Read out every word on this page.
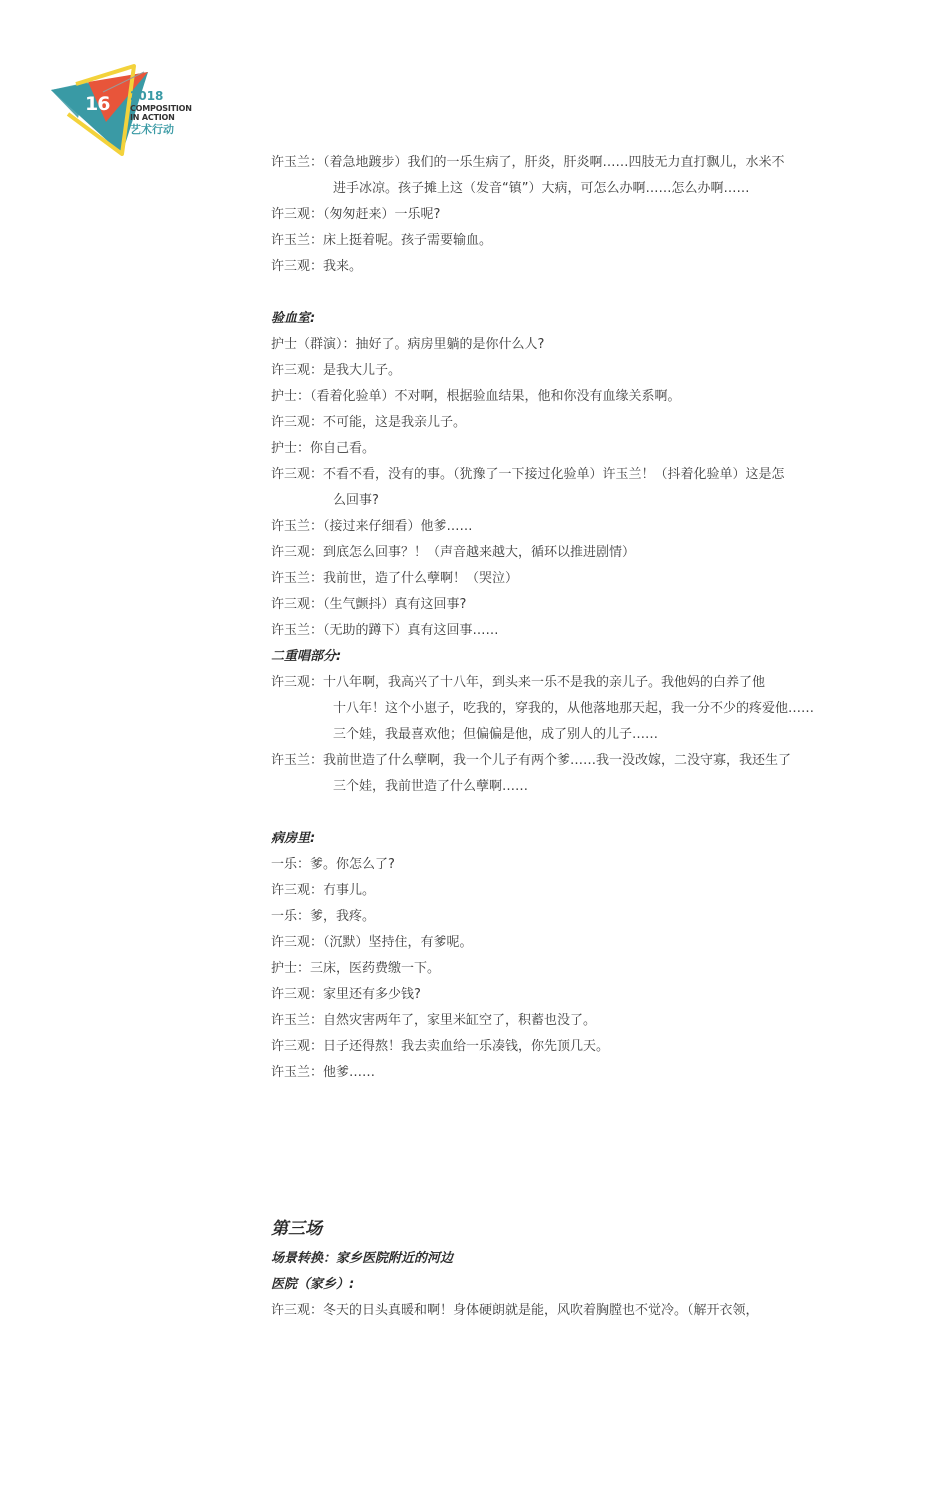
16 2018
COMPOSITION
IN ACTION
艺术行动
许玉兰：（着急地踱步）我们的一乐生病了，肝炎，肝炎啊……四肢无力直打飘儿，水米不
进手冰凉。孩子摊上这（发音“镇”）大病，可怎么办啊……怎么办啊……
许三观：（匆匆赶来）一乐呢?
许玉兰：床上挺着呢。孩子需要输血。
许三观：我来。
验血室:
护士（群演）：抽好了。病房里躺的是你什么人?
许三观：是我大儿子。
护士：（看着化验单）不对啊，根据验血结果，他和你没有血缘关系啊。
许三观：不可能，这是我亲儿子。
护士：你自己看。
许三观：不看不看，没有的事。（犹豫了一下接过化验单）许玉兰！（抖着化验单）这是怎
么回事?
许玉兰：（接过来仔细看）他爹……
许三观：到底怎么回事？！（声音越来越大，循环以推进剧情）
许玉兰：我前世，造了什么孽啊！（哭泣）
许三观：（生气颤抖）真有这回事?
许玉兰：（无助的蹲下）真有这回事……
二重唱部分:
许三观：十八年啊，我高兴了十八年，到头来一乐不是我的亲儿子。我他妈的白养了他
十八年！这个小崽子，吃我的，穿我的，从他落地那天起，我一分不少的疼爱他……
三个娃，我最喜欢他；但偏偏是他，成了别人的儿子……
许玉兰：我前世造了什么孽啊，我一个儿子有两个爹……我一没改嫁，二没守寡，我还生了
三个娃，我前世造了什么孽啊……
病房里:
一乐：爹。你怎么了?
许三观：冇事儿。
一乐：爹，我疼。
许三观：（沉默）坚持住，有爹呢。
护士：三床，医药费缴一下。
许三观：家里还有多少钱?
许玉兰：自然灾害两年了，家里米缸空了，积蓄也没了。
许三观：日子还得熬！我去卖血给一乐凑钱，你先顶几天。
许玉兰：他爹……
第三场
场景转换：家乡医院附近的河边
医院（家乡）:
许三观：冬天的日头真暖和啊！身体硬朗就是能，风吹着胸膛也不觉冷。（解开衣领，
